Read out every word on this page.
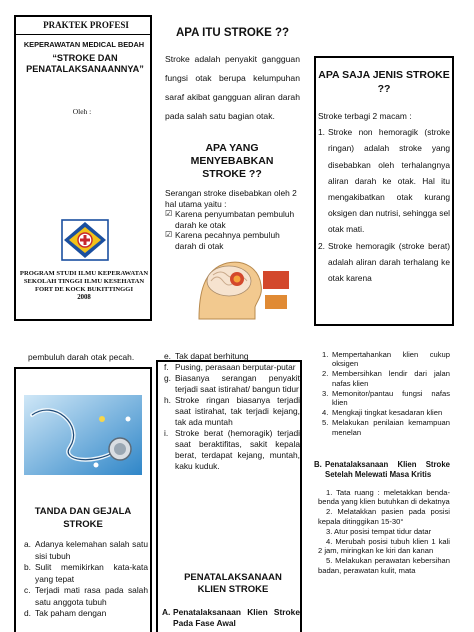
PRAKTEK PROFESI
KEPERAWATAN MEDICAL BEDAH
“STROKE DAN PENATALAKSANAANNYA”
Oleh :
PROGRAM STUDI ILMU KEPERAWATAN SEKOLAH TINGGI ILMU KESEHATAN FORT DE KOCK BUKITTINGGI
2008
APA ITU STROKE ??
Stroke adalah penyakit gangguan fungsi otak berupa kelumpuhan saraf akibat gangguan aliran darah pada salah satu bagian otak.
APA YANG MENYEBABKAN STROKE ??
Serangan stroke disebabkan oleh 2 hal utama yaitu :
☑ Karena penyumbatan pembuluh darah ke otak
☑ Karena pecahnya pembuluh darah di otak
APA SAJA JENIS STROKE ??
Stroke terbagi 2 macam :
1. Stroke non hemoragik (stroke ringan) adalah stroke yang disebabkan oleh terhalangnya aliran darah ke otak. Hal itu mengakibatkan otak kurang oksigen dan nutrisi, sehingga sel otak mati.
2. Stroke hemoragik (stroke berat) adalah aliran darah terhalang ke otak karena
pembuluh darah otak pecah.
TANDA DAN GEJALA STROKE
a. Adanya kelemahan salah satu sisi tubuh
b. Sulit memikirkan kata-kata yang tepat
c. Terjadi mati rasa pada salah satu anggota tubuh
d. Tak paham dengan
e. Tak dapat berhitung
f. Pusing, perasaan berputar-putar
g. Biasanya serangan penyakit terjadi saat istirahat/ bangun tidur
h. Stroke ringan biasanya terjadi saat istirahat, tak terjadi kejang, tak ada muntah
i. Stroke berat (hemoragik) terjadi saat beraktifitas, sakit kepala berat, terdapat kejang, muntah, kaku kuduk.
PENATALAKSANAAN KLIEN STROKE
A. Penatalaksanaan Klien Stroke Pada Fase Awal
1. Mempertahankan klien cukup oksigen
2. Membersihkan lendir dari jalan nafas klien
3. Memonitor/pantau fungsi nafas klien
4. Mengkaji tingkat kesadaran klien
5. Melakukan penilaian kemampuan menelan
B. Penatalaksanaan Klien Stroke Setelah Melewati Masa Kritis
1. Tata ruang : meletakkan benda-benda yang klien butuhkan di dekatnya
2. Melatakkan pasien pada posisi kepala ditinggikan 15-30°
3. Atur posisi tempat tidur datar
4. Merubah posisi tubuh klien 1 kali 2 jam, miringkan ke kiri dan kanan
5. Melakukan perawatan kebersihan badan, perawatan kulit, mata
